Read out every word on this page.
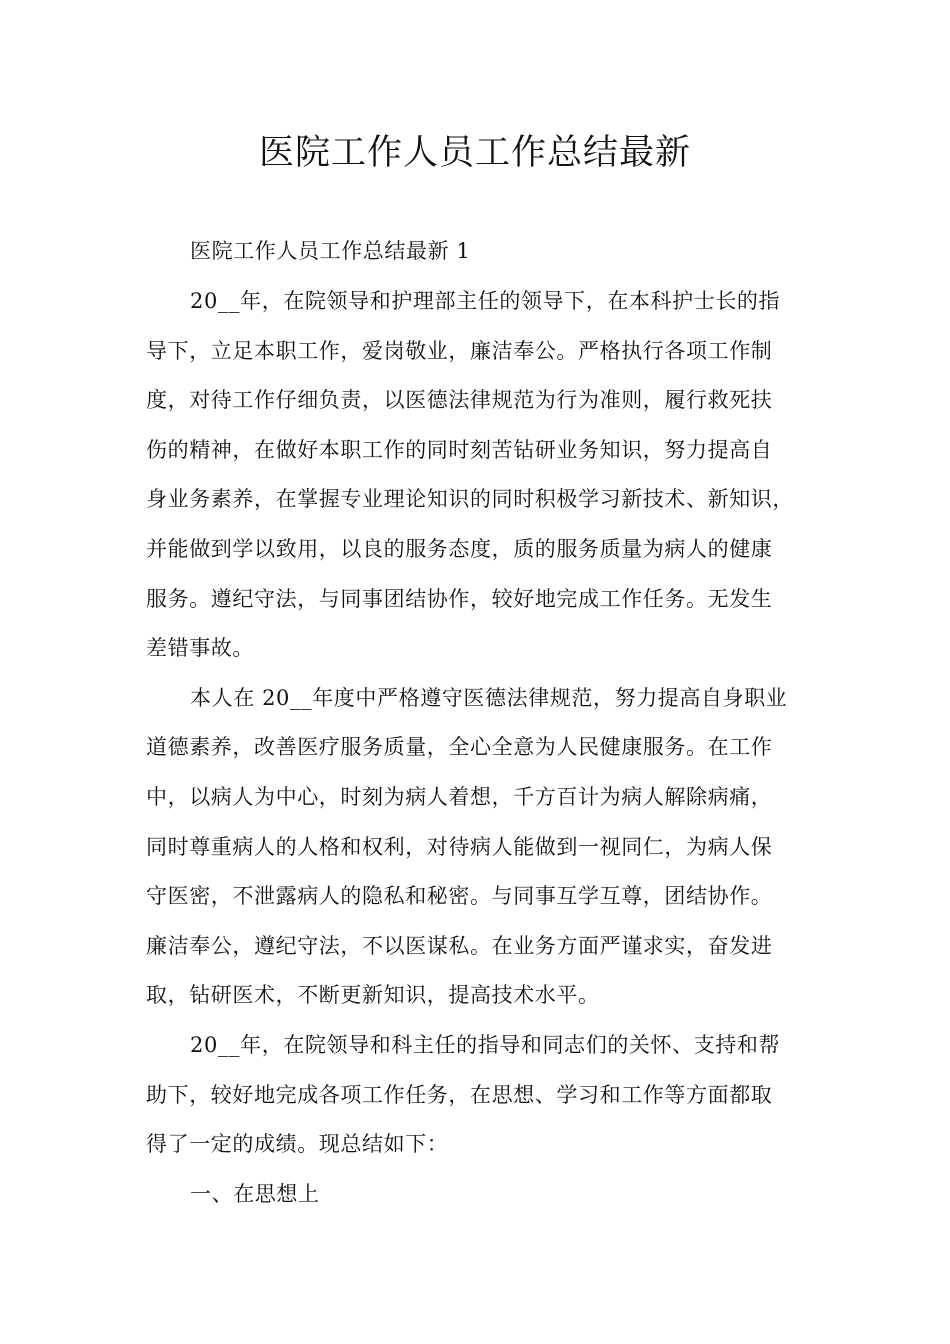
医院工作人员工作总结最新
医院工作人员工作总结最新 1
20__年，在院领导和护理部主任的领导下，在本科护士长的指
导下，立足本职工作，爱岗敬业，廉洁奉公。严格执行各项工作制
度，对待工作仔细负责，以医德法律规范为行为准则，履行救死扶
伤的精神，在做好本职工作的同时刻苦钻研业务知识，努力提高自
身业务素养，在掌握专业理论知识的同时积极学习新技术、新知识，
并能做到学以致用，以良的服务态度，质的服务质量为病人的健康
服务。遵纪守法，与同事团结协作，较好地完成工作任务。无发生
差错事故。
本人在 20__年度中严格遵守医德法律规范，努力提高自身职业
道德素养，改善医疗服务质量，全心全意为人民健康服务。在工作
中，以病人为中心，时刻为病人着想，千方百计为病人解除病痛，
同时尊重病人的人格和权利，对待病人能做到一视同仁，为病人保
守医密，不泄露病人的隐私和秘密。与同事互学互尊，团结协作。
廉洁奉公，遵纪守法，不以医谋私。在业务方面严谨求实，奋发进
取，钻研医术，不断更新知识，提高技术水平。
20__年，在院领导和科主任的指导和同志们的关怀、支持和帮
助下，较好地完成各项工作任务，在思想、学习和工作等方面都取
得了一定的成绩。现总结如下：
一、在思想上
